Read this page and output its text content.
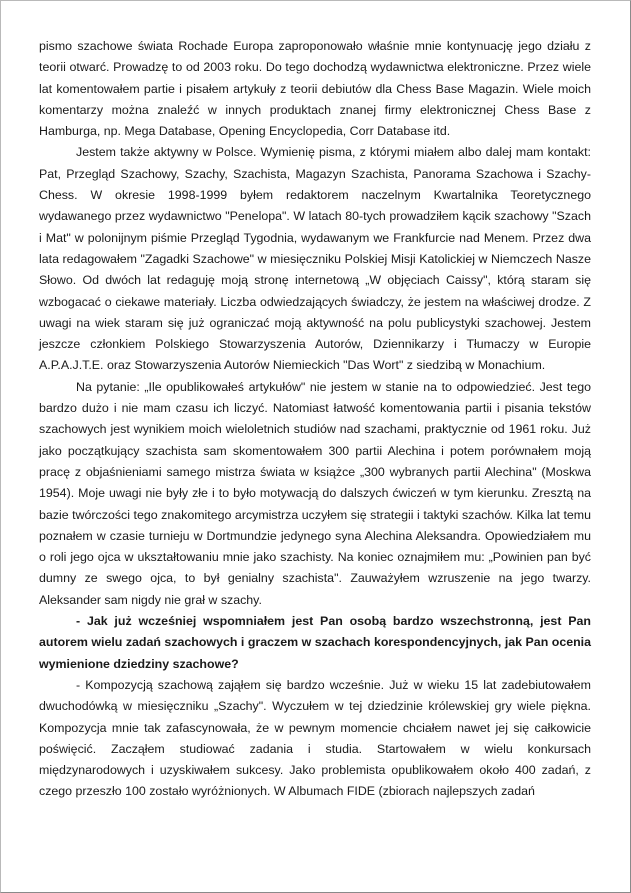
pismo szachowe świata Rochade Europa zaproponowało właśnie mnie kontynuację jego działu z teorii otwarć. Prowadzę to od 2003 roku. Do tego dochodzą wydawnictwa elektroniczne. Przez wiele lat komentowałem partie i pisałem artykuły z teorii debiutów dla Chess Base Magazin. Wiele moich komentarzy można znaleźć w innych produktach znanej firmy elektronicznej Chess Base z Hamburga, np. Mega Database, Opening Encyclopedia, Corr Database itd.

Jestem także aktywny w Polsce. Wymienię pisma, z którymi miałem albo dalej mam kontakt: Pat, Przegląd Szachowy, Szachy, Szachista, Magazyn Szachista, Panorama Szachowa i Szachy-Chess. W okresie 1998-1999 byłem redaktorem naczelnym Kwartalnika Teoretycznego wydawanego przez wydawnictwo "Penelopa". W latach 80-tych prowadziłem kącik szachowy "Szach i Mat" w polonijnym piśmie Przegląd Tygodnia, wydawanym we Frankfurcie nad Menem. Przez dwa lata redagowałem "Zagadki Szachowe" w miesięczniku Polskiej Misji Katolickiej w Niemczech Nasze Słowo. Od dwóch lat redaguję moją stronę internetową „W objęciach Caissy", którą staram się wzbogacać o ciekawe materiały. Liczba odwiedzających świadczy, że jestem na właściwej drodze. Z uwagi na wiek staram się już ograniczać moją aktywność na polu publicystyki szachowej. Jestem jeszcze członkiem Polskiego Stowarzyszenia Autorów, Dziennikarzy i Tłumaczy w Europie A.P.A.J.T.E. oraz Stowarzyszenia Autorów Niemieckich "Das Wort" z siedzibą w Monachium.

Na pytanie: „Ile opublikowałeś artykułów" nie jestem w stanie na to odpowiedzieć. Jest tego bardzo dużo i nie mam czasu ich liczyć. Natomiast łatwość komentowania partii i pisania tekstów szachowych jest wynikiem moich wieloletnich studiów nad szachami, praktycznie od 1961 roku. Już jako początkujący szachista sam skomentowałem 300 partii Alechina i potem porównałem moją pracę z objaśnieniami samego mistrza świata w książce „300 wybranych partii Alechina" (Moskwa 1954). Moje uwagi nie były złe i to było motywacją do dalszych ćwiczeń w tym kierunku. Zresztą na bazie twórczości tego znakomitego arcymistrza uczyłem się strategii i taktyki szachów. Kilka lat temu poznałem w czasie turnieju w Dortmundzie jedynego syna Alechina Aleksandra. Opowiedziałem mu o roli jego ojca w ukształtowaniu mnie jako szachisty. Na koniec oznajmiłem mu: „Powinien pan być dumny ze swego ojca, to był genialny szachista". Zauważyłem wzruszenie na jego twarzy. Aleksander sam nigdy nie grał w szachy.

- Jak już wcześniej wspomniałem jest Pan osobą bardzo wszechstronną, jest Pan autorem wielu zadań szachowych i graczem w szachach korespondencyjnych, jak Pan ocenia wymienione dziedziny szachowe?

- Kompozycją szachową zająłem się bardzo wcześnie. Już w wieku 15 lat zadebiutowałem dwuchodówką w miesięczniku „Szachy". Wyczułem w tej dziedzinie królewskiej gry wiele piękna. Kompozycja mnie tak zafascynowała, że w pewnym momencie chciałem nawet jej się całkowicie poświęcić. Zacząłem studiować zadania i studia. Startowałem w wielu konkursach międzynarodowych i uzyskiwałem sukcesy. Jako problemista opublikowałem około 400 zadań, z czego przeszło 100 zostało wyróżnionych. W Albumach FIDE (zbiorach najlepszych zadań
